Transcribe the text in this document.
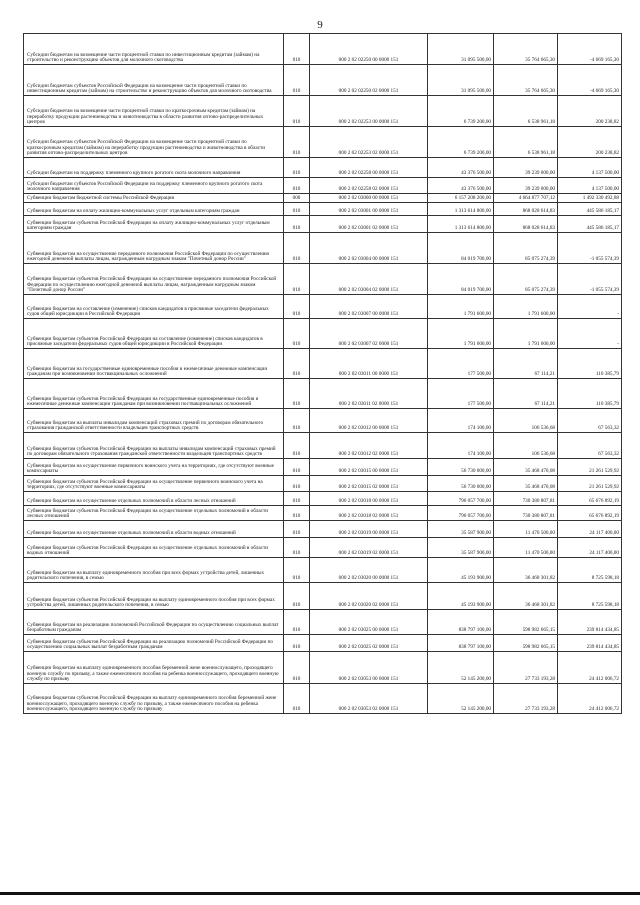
9
Субсидии бюджетам на возмещение части процентной ставки по инвестиционным кредитам (займам) на строительство и реконструкцию объектов для молочного скотоводства	010	000 2 02 02250 00 0000 151	31 095 500,00	35 764 665,30	-4 669 165,30
Субсидии бюджетам субъектов Российской Федерации на возмещение части процентной ставки по инвестиционным кредитам (займам) на строительство и реконструкцию объектов для молочного скотоводства	010	000 2 02 02250 02 0000 151	31 095 500,00	35 764 665,30	-4 669 165,30
Субсидии бюджетам на возмещение части процентной ставки по краткосрочным кредитам (займам) на переработку продукции растениеводства и животноводства в области развития оптово-распределительных центров	010	000 2 02 02253 00 0000 151	6 739 200,00	6 538 961,18	200 238,82
Субсидии бюджетам субъектов Российской Федерации на возмещение части процентной ставки по краткосрочным кредитам (займам) на переработку продукции растениеводства и животноводства в области развития оптово-распределительных центров	010	000 2 02 02253 02 0000 151	6 739 200,00	6 538 961,18	200 238,82
Субсидии бюджетам на поддержку племенного крупного рогатого скота молочного направления	010	000 2 02 02258 00 0000 151	43 376 500,00	39 239 000,00	4 137 500,00
Субсидии бюджетам субъектов Российской Федерации на поддержку племенного крупного рогатого скота молочного направления	010	000 2 02 02258 02 0000 151	43 376 500,00	39 239 000,00	4 137 500,00
Субвенции бюджетам бюджетной системы Российской Федерации	000	000 2 02 03000 00 0000 151	6 157 208 200,00	4 664 877 707,12	1 492 330 492,88
Субвенции бюджетам на оплату жилищно-коммунальных услуг отдельным категориям граждан	010	000 2 02 03001 00 0000 151	1 313 614 800,00	868 028 614,83	445 586 185,17
Субвенции бюджетам субъектов Российской Федерации на оплату жилищно-коммунальных услуг отдельным категориям граждан	010	000 2 02 03001 02 0000 151	1 313 614 800,00	868 028 614,83	445 586 185,17
Субвенции бюджетам на осуществление переданного полномочия Российской Федерации по осуществлению ежегодной денежной выплаты лицам, награжденным нагрудным знаком "Почетный донор России"	010	000 2 02 03004 00 0000 151	84 019 700,00	85 075 274,39	-1 055 574,39
Субвенции бюджетам субъектов Российской Федерации на осуществление переданного полномочия Российской Федерации по осуществлению ежегодной денежной выплаты лицам, награжденным нагрудным знаком "Почетный донор России"	010	000 2 02 03004 02 0000 151	84 019 700,00	85 075 274,39	-1 055 574,39
Субвенции бюджетам на составление (изменение) списков кандидатов в присяжные заседатели федеральных судов общей юрисдикции в Российской Федерации	010	000 2 02 03007 00 0000 151	1 791 600,00	1 791 600,00	-
Субвенции бюджетам субъектов Российской Федерации на составление (изменение) списков кандидатов в присяжные заседатели федеральных судов общей юрисдикции в Российской Федерации	010	000 2 02 03007 02 0000 151	1 791 600,00	1 791 600,00	-
Субвенции бюджетам на государственные единовременные пособия и ежемесячные денежные компенсации гражданам при возникновении поствакцинальных осложнений	010	000 2 02 03011 00 0000 151	177 500,00	67 114,21	110 385,79
Субвенции бюджетам субъектов Российской Федерации на государственные единовременные пособия и ежемесячные денежные компенсации гражданам при возникновении поствакцинальных осложнений	010	000 2 02 03011 02 0000 151	177 500,00	67 114,21	110 385,79
Субвенции бюджетам на выплаты инвалидам компенсаций страховых премий по договорам обязательного страхования гражданской ответственности владельцев транспортных средств	010	000 2 02 03012 00 0000 151	174 100,00	106 536,68	67 563,32
Субвенции бюджетам субъектов Российской Федерации на выплаты инвалидам компенсаций страховых премий по договорам обязательного страхования гражданской ответственности владельцев транспортных средств	010	000 2 02 03012 02 0000 151	174 100,00	106 536,68	67 563,32
Субвенции бюджетам на осуществление первичного воинского учета на территориях, где отсутствуют военные комиссариаты	010	000 2 02 03015 00 0000 151	56 730 000,00	35 468 470,08	21 261 529,92
Субвенции бюджетам субъектов Российской Федерации на осуществление первичного воинского учета на территориях, где отсутствуют военные комиссариаты	010	000 2 02 03015 02 0000 151	56 730 000,00	35 468 470,08	21 261 529,92
Субвенции бюджетам на осуществление отдельных полномочий в области лесных отношений	010	000 2 02 03018 00 0000 151	796 057 700,00	730 380 807,81	65 676 892,19
Субвенции бюджетам субъектов Российской Федерации на осуществление отдельных полномочий в области лесных отношений	010	000 2 02 03018 02 0000 151	796 057 700,00	730 380 807,81	65 676 892,19
Субвенции бюджетам на осуществление отдельных полномочий в области водных отношений	010	000 2 02 03019 00 0000 151	35 587 900,00	11 470 500,00	24 117 400,00
Субвенции бюджетам субъектов Российской Федерации на осуществление отдельных полномочий в области водных отношений	010	000 2 02 03019 02 0000 151	35 587 900,00	11 470 500,00	24 117 400,00
Субвенции бюджетам на выплату единовременного пособия при всех формах устройства детей, лишенных родительского попечения, в семью	010	000 2 02 03020 00 0000 151	45 193 900,00	36 468 301,82	8 725 598,18
Субвенции бюджетам субъектов Российской Федерации на выплату единовременного пособия при всех формах устройства детей, лишенных родительского попечения, в семью	010	000 2 02 03020 02 0000 151	45 193 900,00	36 468 301,82	8 725 598,18
Субвенции бюджетам на реализацию полномочий Российской Федерации по осуществлению социальных выплат безработным гражданам	010	000 2 02 03025 00 0000 151	838 797 100,00	598 982 665,15	239 814 434,85
Субвенции бюджетам субъектов Российской Федерации на реализацию полномочий Российской Федерации по осуществлению социальных выплат безработным гражданам	010	000 2 02 03025 02 0000 151	838 797 100,00	598 982 665,15	239 814 434,85
Субвенции бюджетам на выплату единовременного пособия беременной жене военнослужащего, проходящего военную службу по призыву, а также ежемесячного пособия на ребенка военнослужащего, проходящего военную службу по призыву	010	000 2 02 03053 00 0000 151	52 145 200,00	27 733 193,28	24 412 006,72
Субвенции бюджетам субъектов Российской Федерации на выплату единовременного пособия беременной жене военнослужащего, проходящего военную службу по призыву, а также ежемесячного пособия на ребенка военнослужащего, проходящего военную службу по призыву	010	000 2 02 03053 02 0000 151	52 145 200,00	27 733 193,28	24 412 006,72
